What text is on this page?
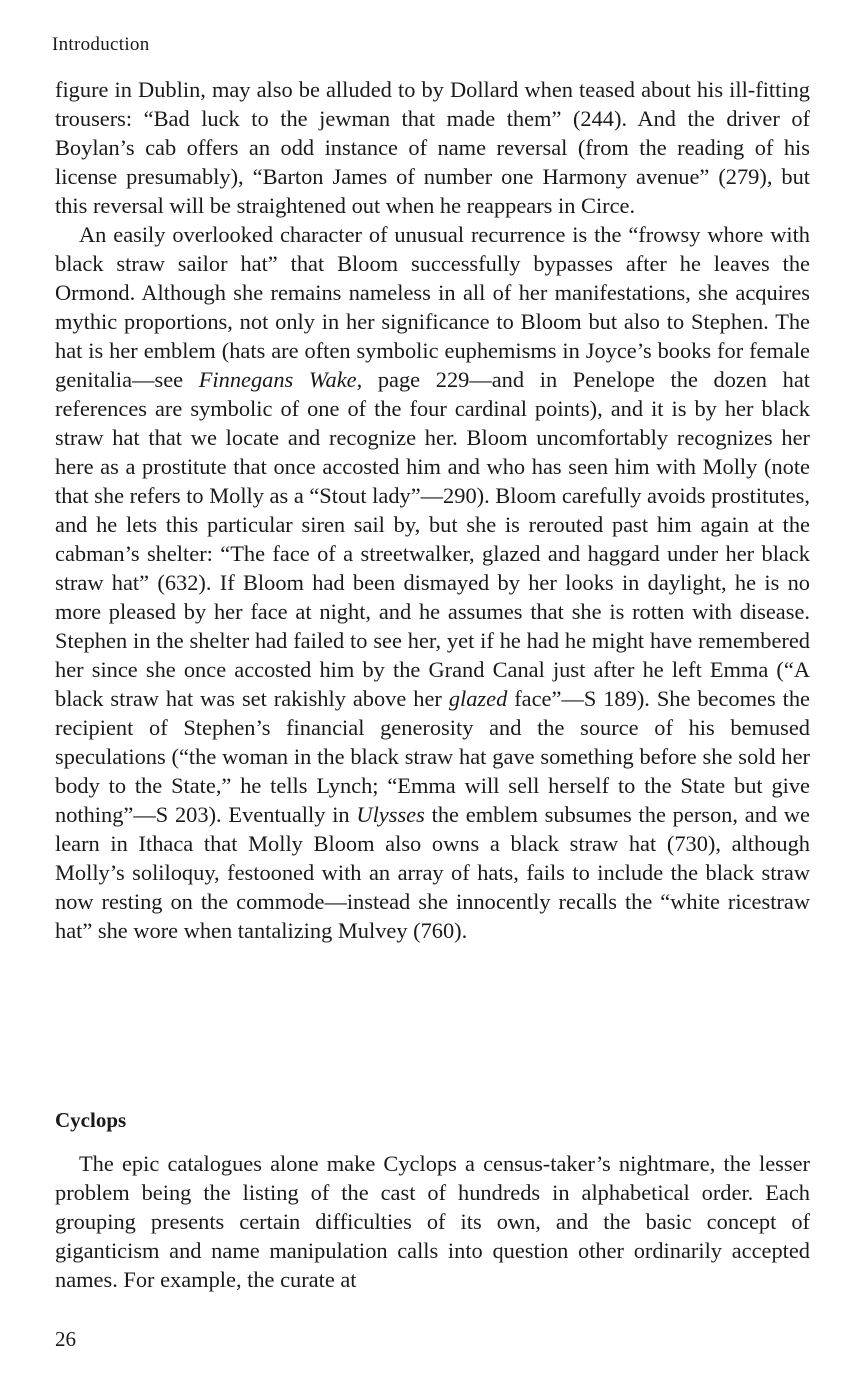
Introduction

figure in Dublin, may also be alluded to by Dollard when teased about his ill-fitting trousers: “Bad luck to the jewman that made them” (244). And the driver of Boylan’s cab offers an odd instance of name reversal (from the reading of his license presumably), “Barton James of number one Harmony avenue” (279), but this reversal will be straightened out when he reappears in Circe.

An easily overlooked character of unusual recurrence is the “frowsy whore with black straw sailor hat” that Bloom successfully bypasses after he leaves the Ormond. Although she remains nameless in all of her manifestations, she acquires mythic proportions, not only in her significance to Bloom but also to Stephen. The hat is her emblem (hats are often symbolic euphemisms in Joyce’s books for female genitalia—see Finnegans Wake, page 229—and in Penelope the dozen hat references are symbolic of one of the four cardinal points), and it is by her black straw hat that we locate and recognize her. Bloom uncomfortably recognizes her here as a prostitute that once accosted him and who has seen him with Molly (note that she refers to Molly as a “Stout lady”—290). Bloom carefully avoids prostitutes, and he lets this particular siren sail by, but she is rerouted past him again at the cabman’s shelter: “The face of a streetwalker, glazed and haggard under her black straw hat” (632). If Bloom had been dismayed by her looks in daylight, he is no more pleased by her face at night, and he assumes that she is rotten with disease. Stephen in the shelter had failed to see her, yet if he had he might have remembered her since she once accosted him by the Grand Canal just after he left Emma (“A black straw hat was set rakishly above her glazed face”—S 189). She becomes the recipient of Stephen’s financial generosity and the source of his bemused speculations (“the woman in the black straw hat gave something before she sold her body to the State,” he tells Lynch; “Emma will sell herself to the State but give nothing”—S 203). Eventually in Ulysses the emblem subsumes the person, and we learn in Ithaca that Molly Bloom also owns a black straw hat (730), although Molly’s soliloquy, festooned with an array of hats, fails to include the black straw now resting on the commode—instead she innocently recalls the “white ricestraw hat” she wore when tantalizing Mulvey (760).

Cyclops

The epic catalogues alone make Cyclops a census-taker’s nightmare, the lesser problem being the listing of the cast of hundreds in alphabetical order. Each grouping presents certain difficulties of its own, and the basic concept of giganticism and name manipulation calls into question other ordinarily accepted names. For example, the curate at

26
